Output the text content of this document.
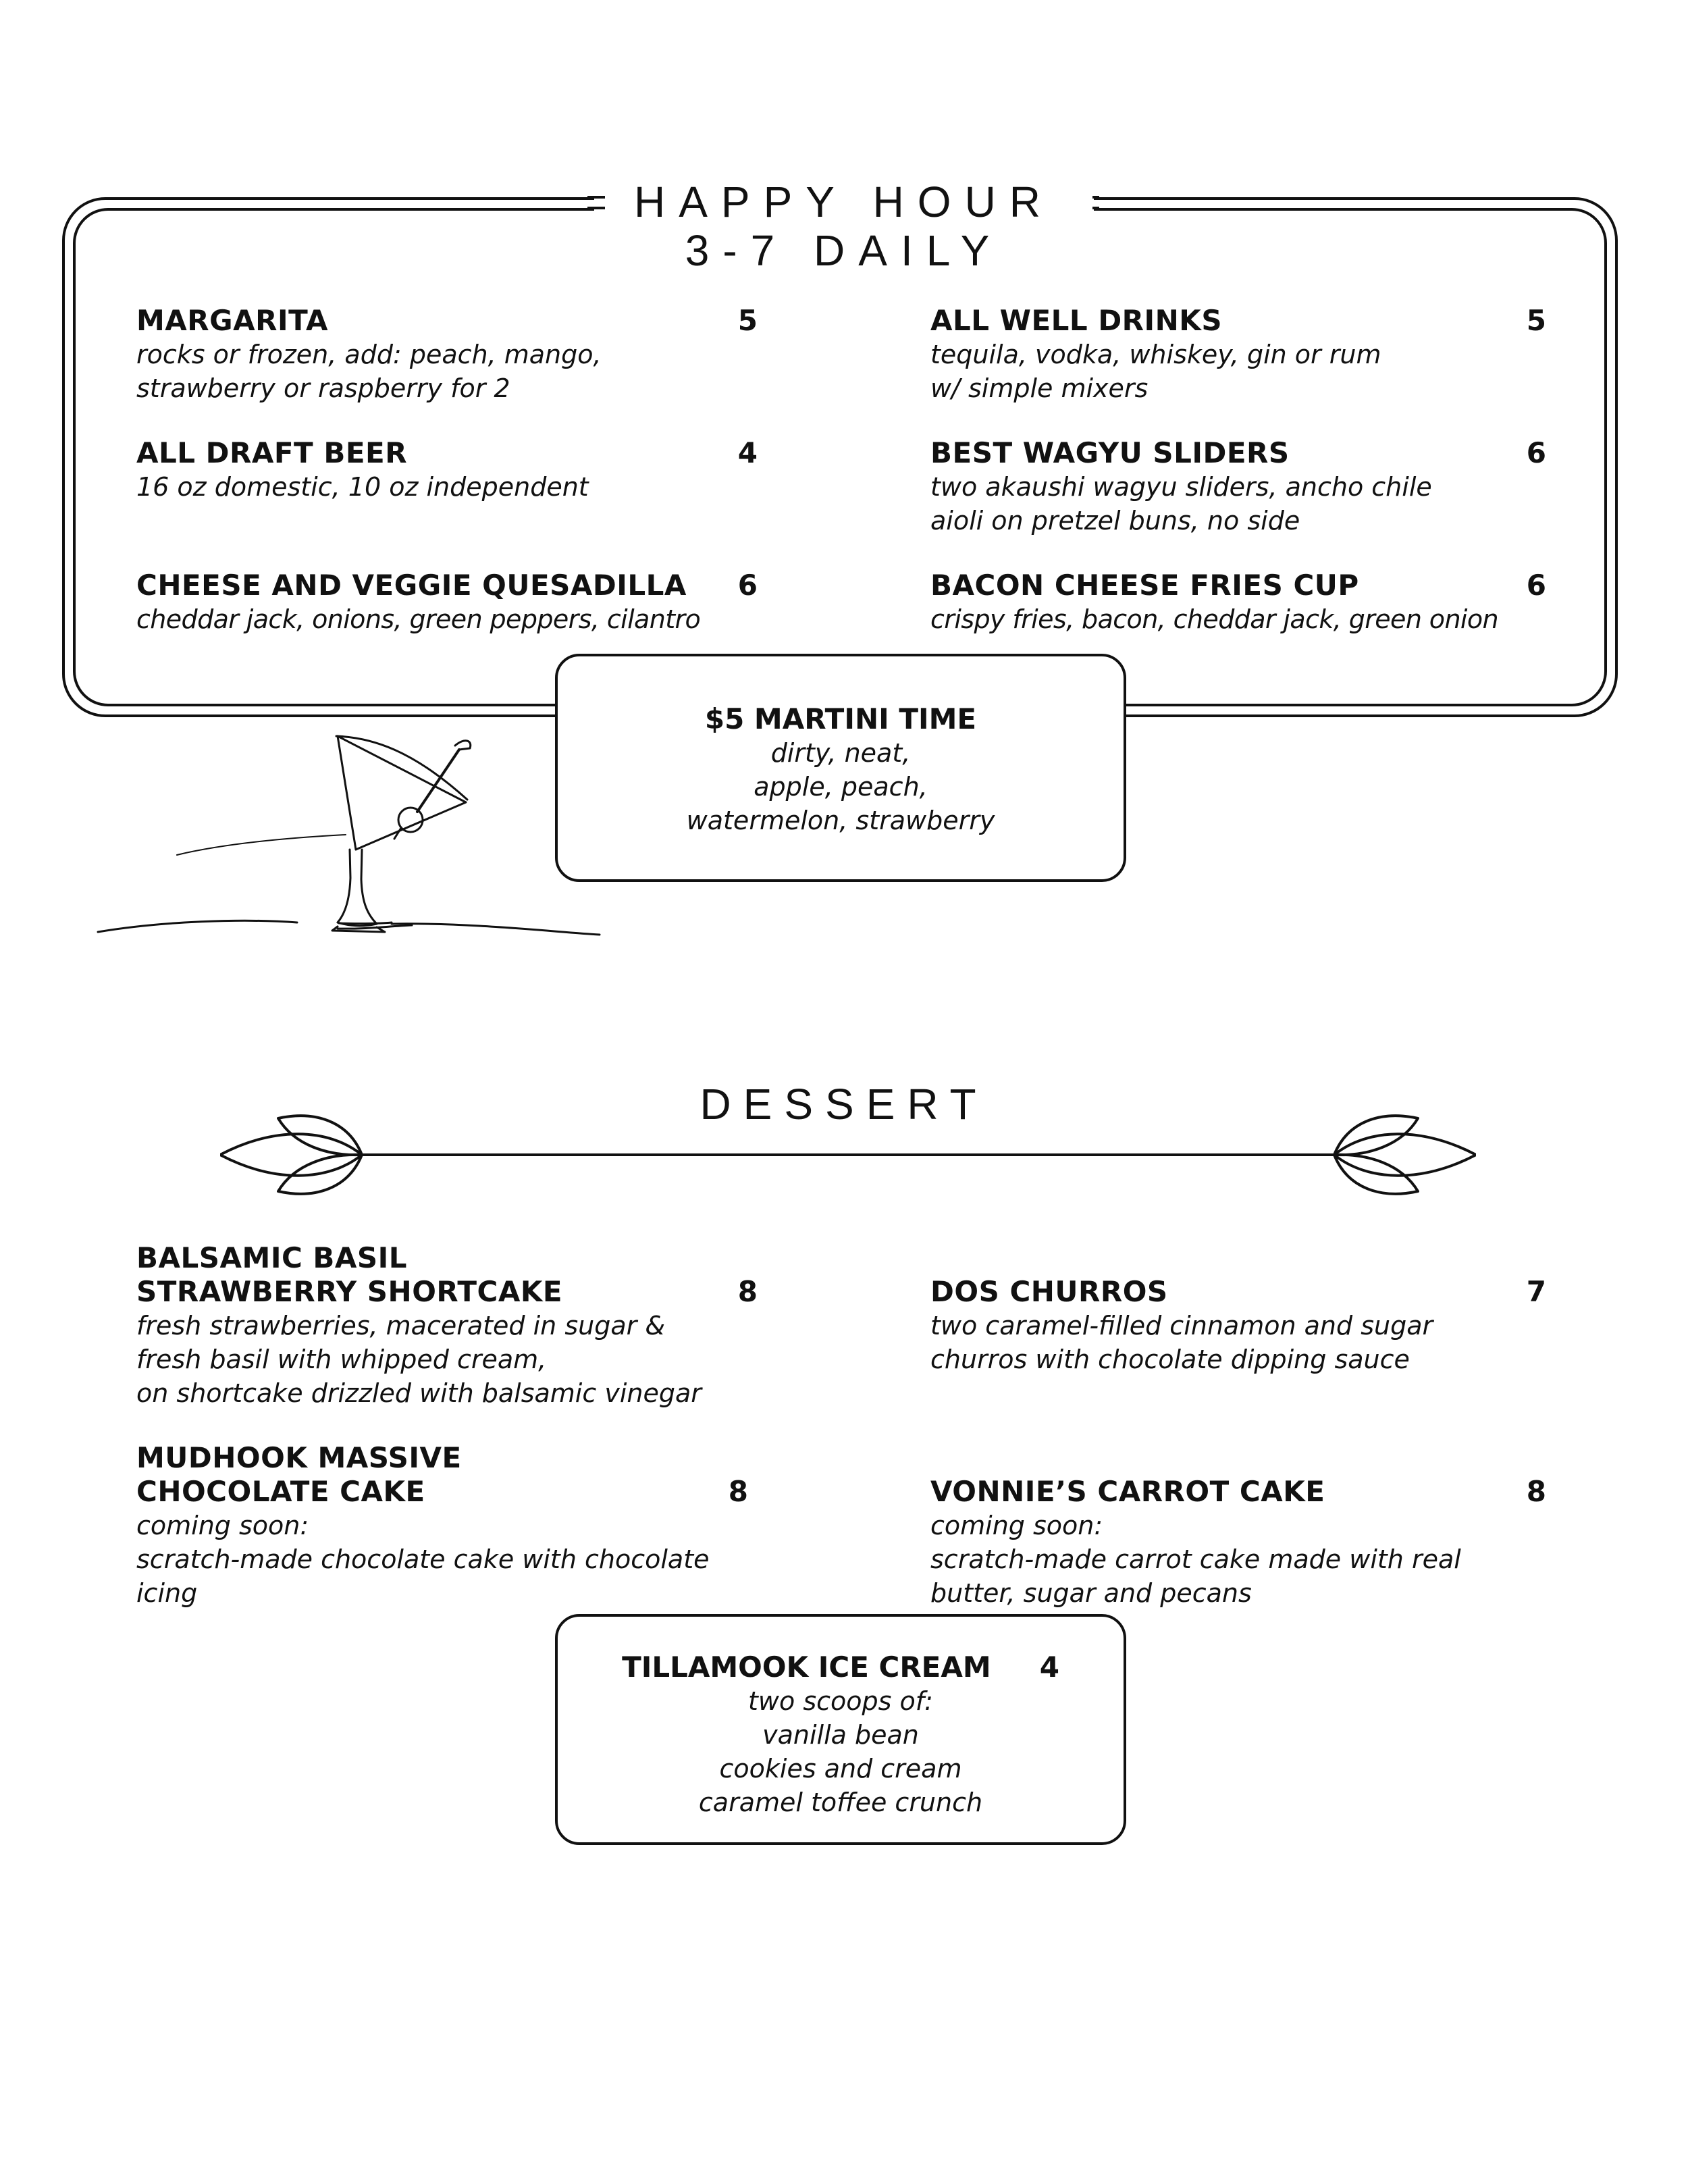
HAPPY HOUR
3-7 DAILY
5
MARGARITA
rocks or frozen, add: peach, mango,
strawberry or raspberry for 2
4
ALL DRAFT BEER
16 oz domestic, 10 oz independent
6
CHEESE AND VEGGIE QUESADILLA
cheddar jack, onions, green peppers, cilantro
5
ALL WELL DRINKS
tequila, vodka, whiskey, gin or rum
w/ simple mixers
6
BEST WAGYU SLIDERS
two akaushi wagyu sliders, ancho chile
aioli on pretzel buns, no side
6
BACON CHEESE FRIES CUP
crispy fries, bacon, cheddar jack, green onion
$5 MARTINI TIME
dirty, neat,
apple, peach,
watermelon, strawberry
DESSERT
8
BALSAMIC BASIL
STRAWBERRY SHORTCAKE
fresh strawberries, macerated in sugar &
fresh basil with whipped cream,
on shortcake drizzled with balsamic vinegar
8
MUDHOOK MASSIVE
CHOCOLATE CAKE
coming soon:
scratch-made chocolate cake with chocolate
icing
7
DOS CHURROS
two caramel-filled cinnamon and sugar
churros with chocolate dipping sauce
8
VONNIE’S CARROT CAKE
coming soon:
scratch-made carrot cake made with real
butter, sugar and pecans
TILLAMOOK ICE CREAM 4
two scoops of:
vanilla bean
cookies and cream
caramel toffee crunch
